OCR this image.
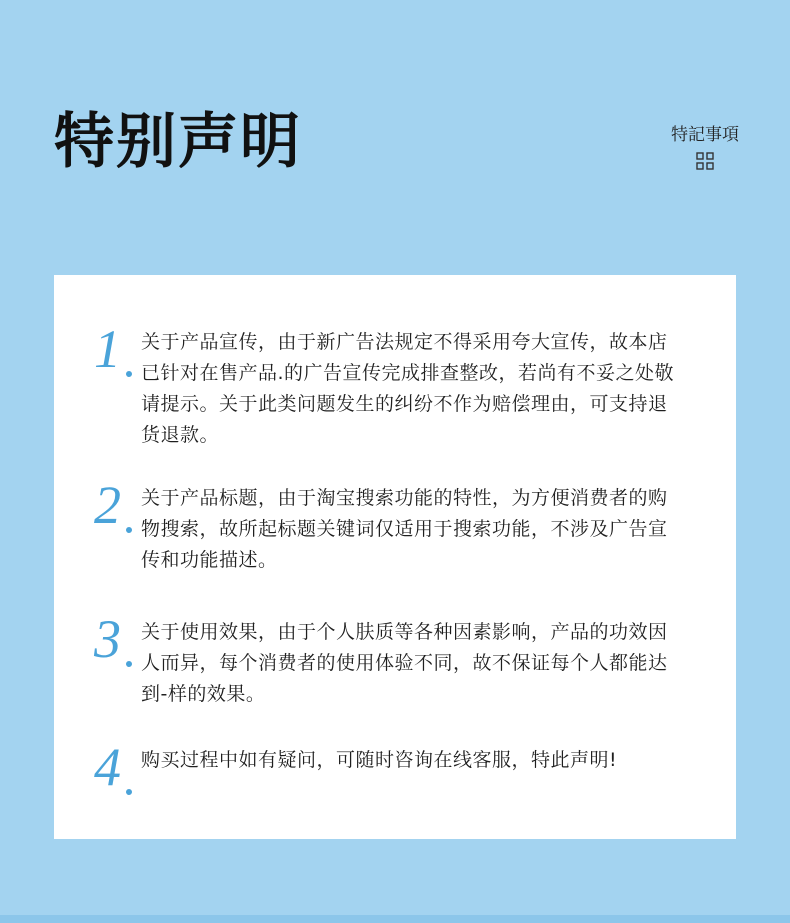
特别声明	特記事項
1	关于产品宣传，由于新广告法规定不得采用夸大宣传，故本店已针对在售产品.的广告宣传完成排查整改，若尚有不妥之处敬请提示。关于此类问题发生的纠纷不作为赔偿理由，可支持退货退款。

2	关于产品标题，由于淘宝搜索功能的特性，为方便消费者的购物搜索，故所起标题关键词仅适用于搜索功能，不涉及广告宣传和功能描述。

3	关于使用效果，由于个人肤质等各种因素影响，产品的功效因人而异，每个消费者的使用体验不同，故不保证每个人都能达到-样的效果。

4	购买过程中如有疑问，可随时咨询在线客服，特此声明!
